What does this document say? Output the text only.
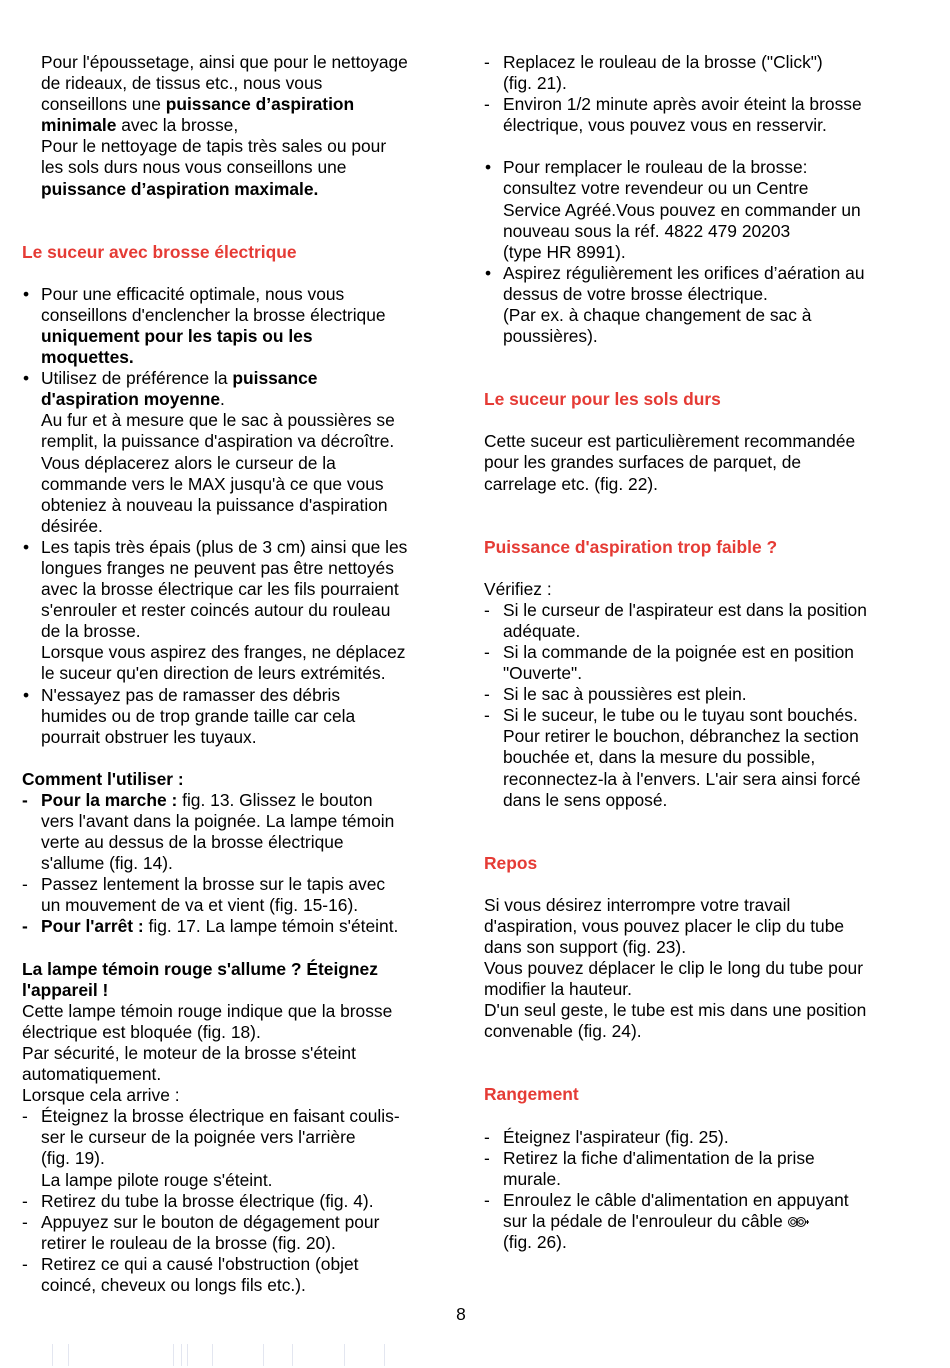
Pour l'époussetage, ainsi que pour le nettoyage
de rideaux, de tissus etc., nous vous
conseillons une puissance d’aspiration
minimale avec la brosse,
Pour le nettoyage de tapis très sales ou pour
les sols durs nous vous conseillons une
puissance d’aspiration maximale.
Le suceur avec brosse électrique
• Pour une efficacité optimale, nous vous
conseillons d'enclencher la brosse électrique
uniquement pour les tapis ou les
moquettes.
• Utilisez de préférence la puissance
d'aspiration moyenne.
Au fur et à mesure que le sac à poussières se
remplit, la puissance d'aspiration va décroître.
Vous déplacerez alors le curseur de la
commande vers le MAX jusqu'à ce que vous
obteniez à nouveau la puissance d'aspiration
désirée.
• Les tapis très épais (plus de 3 cm) ainsi que les
longues franges ne peuvent pas être nettoyés
avec la brosse électrique car les fils pourraient
s'enrouler et rester coincés autour du rouleau
de la brosse.
Lorsque vous aspirez des franges, ne déplacez
le suceur qu'en direction de leurs extrémités.
• N'essayez pas de ramasser des débris
humides ou de trop grande taille car cela
pourrait obstruer les tuyaux.
Comment l'utiliser :
- Pour la marche : fig. 13. Glissez le bouton
vers l'avant dans la poignée. La lampe témoin
verte au dessus de la brosse électrique
s'allume (fig. 14).
- Passez lentement la brosse sur le tapis avec
un mouvement de va et vient (fig. 15-16).
- Pour l'arrêt : fig. 17. La lampe témoin s'éteint.
La lampe témoin rouge s'allume ? Éteignez
l'appareil !
Cette lampe témoin rouge indique que la brosse
électrique est bloquée (fig. 18).
Par sécurité, le moteur de la brosse s'éteint
automatiquement.
Lorsque cela arrive :
- Éteignez la brosse électrique en faisant coulis-
ser le curseur de la poignée vers l'arrière
(fig. 19).
La lampe pilote rouge s'éteint.
- Retirez du tube la brosse électrique (fig. 4).
- Appuyez sur le bouton de dégagement pour
retirer le rouleau de la brosse (fig. 20).
- Retirez ce qui a causé l'obstruction (objet
coincé, cheveux ou longs fils etc.).
- Replacez le rouleau de la brosse ("Click")
(fig. 21).
- Environ 1/2 minute après avoir éteint la brosse
électrique, vous pouvez vous en resservir.
• Pour remplacer le rouleau de la brosse:
consultez votre revendeur ou un Centre
Service Agréé.Vous pouvez en commander un
nouveau sous la réf. 4822 479 20203
(type HR 8991).
• Aspirez régulièrement les orifices d’aération au
dessus de votre brosse électrique.
(Par ex. à chaque changement de sac à
poussières).
Le suceur pour les sols durs
Cette suceur est particulièrement recommandée
pour les grandes surfaces de parquet, de
carrelage etc. (fig. 22).
Puissance d'aspiration trop faible ?
Vérifiez :
- Si le curseur de l'aspirateur est dans la position
adéquate.
- Si la commande de la poignée est en position
"Ouverte".
- Si le sac à poussières est plein.
- Si le suceur, le tube ou le tuyau sont bouchés.
Pour retirer le bouchon, débranchez la section
bouchée et, dans la mesure du possible,
reconnectez-la à l'envers. L'air sera ainsi forcé
dans le sens opposé.
Repos
Si vous désirez interrompre votre travail
d'aspiration, vous pouvez placer le clip du tube
dans son support (fig. 23).
Vous pouvez déplacer le clip le long du tube pour
modifier la hauteur.
D'un seul geste, le tube est mis dans une position
convenable (fig. 24).
Rangement
- Éteignez l'aspirateur (fig. 25).
- Retirez la fiche d'alimentation de la prise
murale.
- Enroulez le câble d'alimentation en appuyant
sur la pédale de l'enrouleur du câble
(fig. 26).
8
